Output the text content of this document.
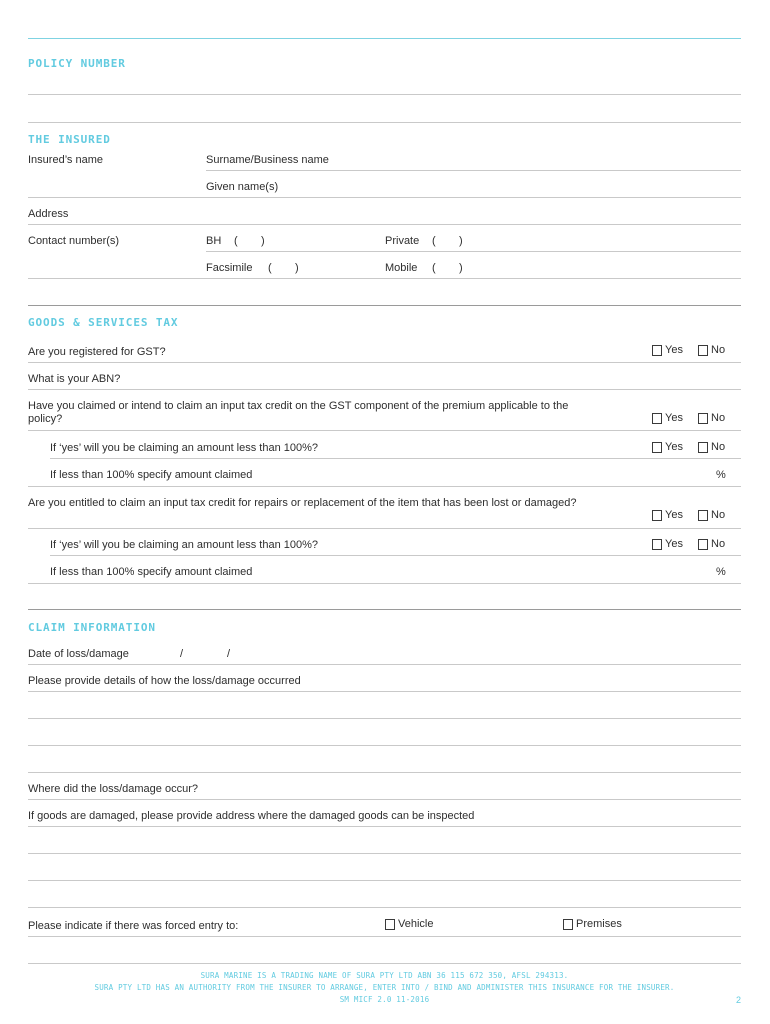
POLICY NUMBER
THE INSURED
Insured’s name	Surname/Business name
Given name(s)
Address
Contact number(s)	BH ( )	Private ( )
Facsimile ( )	Mobile ( )
GOODS & SERVICES TAX
Are you registered for GST?	Yes	No
What is your ABN?
Have you claimed or intend to claim an input tax credit on the GST component of the premium applicable to the policy?	Yes	No
If ‘yes’ will you be claiming an amount less than 100%?	Yes	No
If less than 100% specify amount claimed	%
Are you entitled to claim an input tax credit for repairs or replacement of the item that has been lost or damaged?
Yes	No
If ‘yes’ will you be claiming an amount less than 100%?	Yes	No
If less than 100% specify amount claimed	%
CLAIM INFORMATION
Date of loss/damage	/	/
Please provide details of how the loss/damage occurred
Where did the loss/damage occur?
If goods are damaged, please provide address where the damaged goods can be inspected
Please indicate if there was forced entry to:	Vehicle	Premises
SURA MARINE IS A TRADING NAME OF SURA PTY LTD ABN 36 115 672 350, AFSL 294313.
SURA PTY LTD HAS AN AUTHORITY FROM THE INSURER TO ARRANGE, ENTER INTO / BIND AND ADMINISTER THIS INSURANCE FOR THE INSURER.
SM MICF 2.0 11-2016	2
